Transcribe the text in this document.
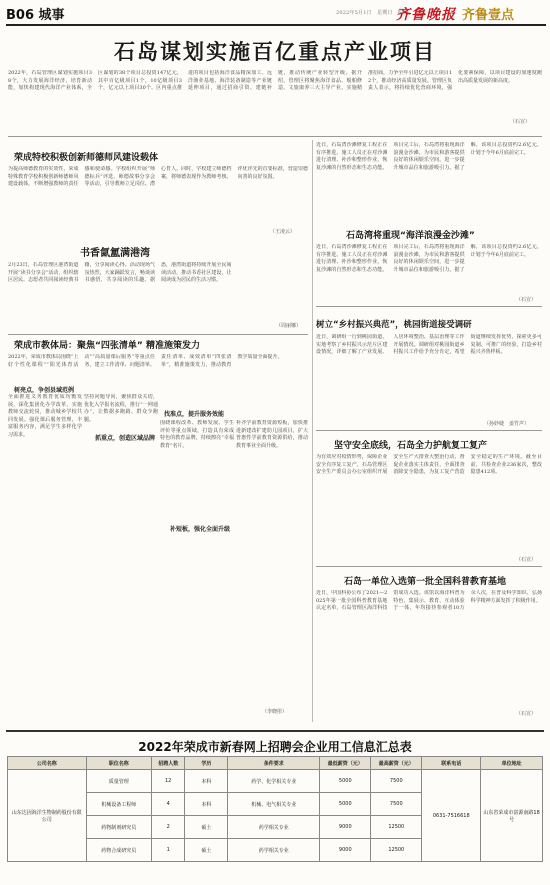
B06 城事	2022年5月1日　星期日　编辑
齐鲁晚报 齐鲁壹点
石岛谋划实施百亿重点产业项目
2022年，石岛管理区谋划实施项目38个，大力发展海洋经济，培育新动能，加快构建现代海洋产业体系，全区谋划的38个项目总投资147亿元，其中百亿级项目1个，10亿级项目3个，亿元以上项目30个。区内重点推进的项目包括海洋食品精深加工、远洋渔业基地、海洋装备制造等产业链延伸项目，通过招商引资、建链补链，推动传统产业转型升级。据介绍，管理区将聚焦海洋食品、船舶修造、文旅康养三大主导产业，实施精准招商，力争全年引进亿元以上项目12个，推动经济高质量发展。管理区负责人表示，将持续优化营商环境，强化要素保障，以项目建设的加速度跑出高质量发展的新高度。
（石宣）
荣成特校积极创新师德师风建设载体
为提高师德教育的实效性，荣成特殊教育学校积极创新师德师风建设载体，不断增强教师的责任感和使命感。学校组织开展“师德标兵”评选、师德故事分享会等活动，引导教师立足岗位、潜心育人。同时，学校建立师德档案，将师德表现作为教师考核、评优评先的首要标准，营造崇德向善的良好氛围。
（王凌云）
书香氤氲满港湾
2月23日，石岛管理区港湾街道开展“读书分享会”活动，组织辖区居民、志愿者共同阅读经典书籍，分享阅读心得。活动现场气氛热烈，大家踊跃发言，畅谈读书感悟，共享阅读的乐趣。据悉，港湾街道将持续开展全民阅读活动，推动书香社区建设，让阅读成为居民的生活习惯。
（周丽娜）
荣成市教体局：聚焦“四张清单” 精准施策发力
2022年，荣成市教体局围绕“上好个性化课程”“阳光体育活动”“高质量课后服务”等重点任务，建立工作清单、问题清单、责任清单、成效清单“四张清单”，精准施策发力，推动教育教学质量全面提升。
树亮点，争创县域范例
全面推进义务教育优质均衡发展，深化集团化办学改革，实施教师交流轮岗，推动城乡学校共同发展。强化课后服务管理，丰富服务内容，满足学生多样化学习需求。
找准点，提升服务效能
坚持问题导向，聚焦群众关切，优化入学报名流程，推行“一网通办”，让数据多跑路、群众少跑腿。
抓重点，创造区域品牌
围绕课程改革、教师发展、学生评价等重点领域，打造具有荣成特色的教育品牌，持续擦亮“幸福教育”名片。
补短板，强化全面升级
补齐学前教育资源短板，加快推进新建改扩建幼儿园项目，扩大普惠性学前教育资源供给，推动教育事业全面升级。
（李晓彤）
石岛湾将重现“海洋浪漫金沙滩”
近日，石岛湾沙滩修复工程正在有序推进。施工人员正在对沙滩进行清理、补沙和整形作业，恢复沙滩的自然形态和生态功能。项目完工后，石岛湾将重现海洋浪漫金沙滩，为市民和游客提供良好的休闲娱乐空间，进一步提升城市品位和旅游吸引力。据了解，该项目总投资约2.6亿元，计划于今年6月底前完工。
近日，石岛湾沙滩修复工程正在有序推进。施工人员正在对沙滩进行清理、补沙和整形作业，恢复沙滩的自然形态和生态功能。项目完工后，石岛湾将重现海洋浪漫金沙滩，为市民和游客提供良好的休闲娱乐空间，进一步提升城市品位和旅游吸引力。据了解，该项目总投资约2.6亿元，计划于今年6月底前完工。
（石宣）
树立“乡村振兴典范”，桃园街道接受调研
近日，调研组一行到桃园街道，实地考察了乡村振兴示范片区建设情况，详细了解了产业发展、人居环境整治、基层治理等工作开展情况。调研组对桃园街道乡村振兴工作给予充分肯定，希望街道继续发挥优势，探索更多可复制、可推广的经验，打造乡村振兴齐鲁样板。
（孙妙婕　姜竹声）
坚守安全底线，石岛全力护航复工复产
为有效应对疫情形势，保障企业安全有序复工复产，石岛管理区安全生产委员会办公室组织开展安全生产大排查大整治行动，督促企业落实主体责任，全面排查消除安全隐患，为复工复产营造安全稳定的生产环境。截至目前，共检查企业236家次，整改隐患412项。
（石宣）
石岛一单位入选第一批全国科普教育基地
近日，中国科协公布了2021—2025年第一批全国科普教育基地认定名单，石岛管理区海洋科技馆成功入选。该馆以海洋科普为特色，集展示、教育、互动体验于一体，年均接待参观者10万余人次，在普及科学知识、弘扬科学精神方面发挥了积极作用。
（石宣）
2022年荣成市新春网上招聘会企业用工信息汇总表
公司名称	职位名称	招聘人数	学历	条件要求	最低薪资（元）	最高薪资（元）	联系电话	单位地址
山东达因海洋生物制药股份有限公司	质量管理	12	本科	药学、化学相关专业	5000	7500	0631-7516618	山东省荣成市富源南路18号
	机械设备工程师	4	本科	机械、电气相关专业	5000	7500		
	药物制剂研究员	2	硕士	药学相关专业	9000	12500		
	药物合成研究员	1	硕士	药学相关专业	9000	12500		
